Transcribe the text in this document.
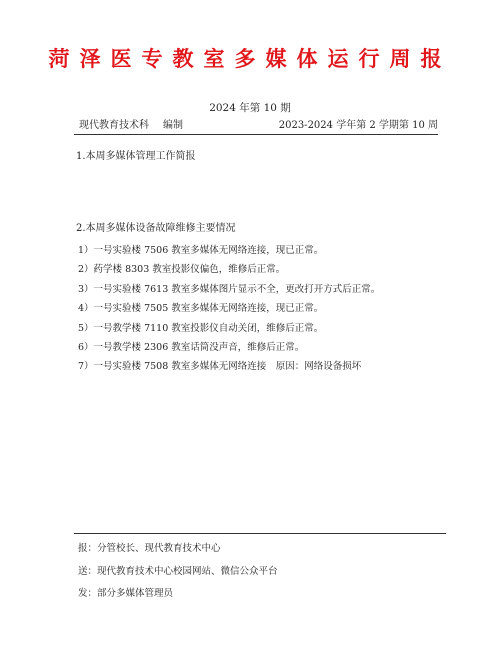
菏泽医专教室多媒体运行周报
2024 年第 10 期
现代教育技术科 编制	2023-2024 学年第 2 学期第 10 周
1.本周多媒体管理工作简报
2.本周多媒体设备故障维修主要情况
1）一号实验楼 7506 教室多媒体无网络连接，现已正常。
2）药学楼 8303 教室投影仪偏色，维修后正常。
3）一号实验楼 7613 教室多媒体图片显示不全，更改打开方式后正常。
4）一号实验楼 7505 教室多媒体无网络连接，现已正常。
5）一号教学楼 7110 教室投影仪自动关闭，维修后正常。
6）一号教学楼 2306 教室话筒没声音，维修后正常。
7）一号实验楼 7508 教室多媒体无网络连接　原因：网络设备损坏
报：分管校长、现代教育技术中心
送：现代教育技术中心校园网站、微信公众平台
发：部分多媒体管理员
